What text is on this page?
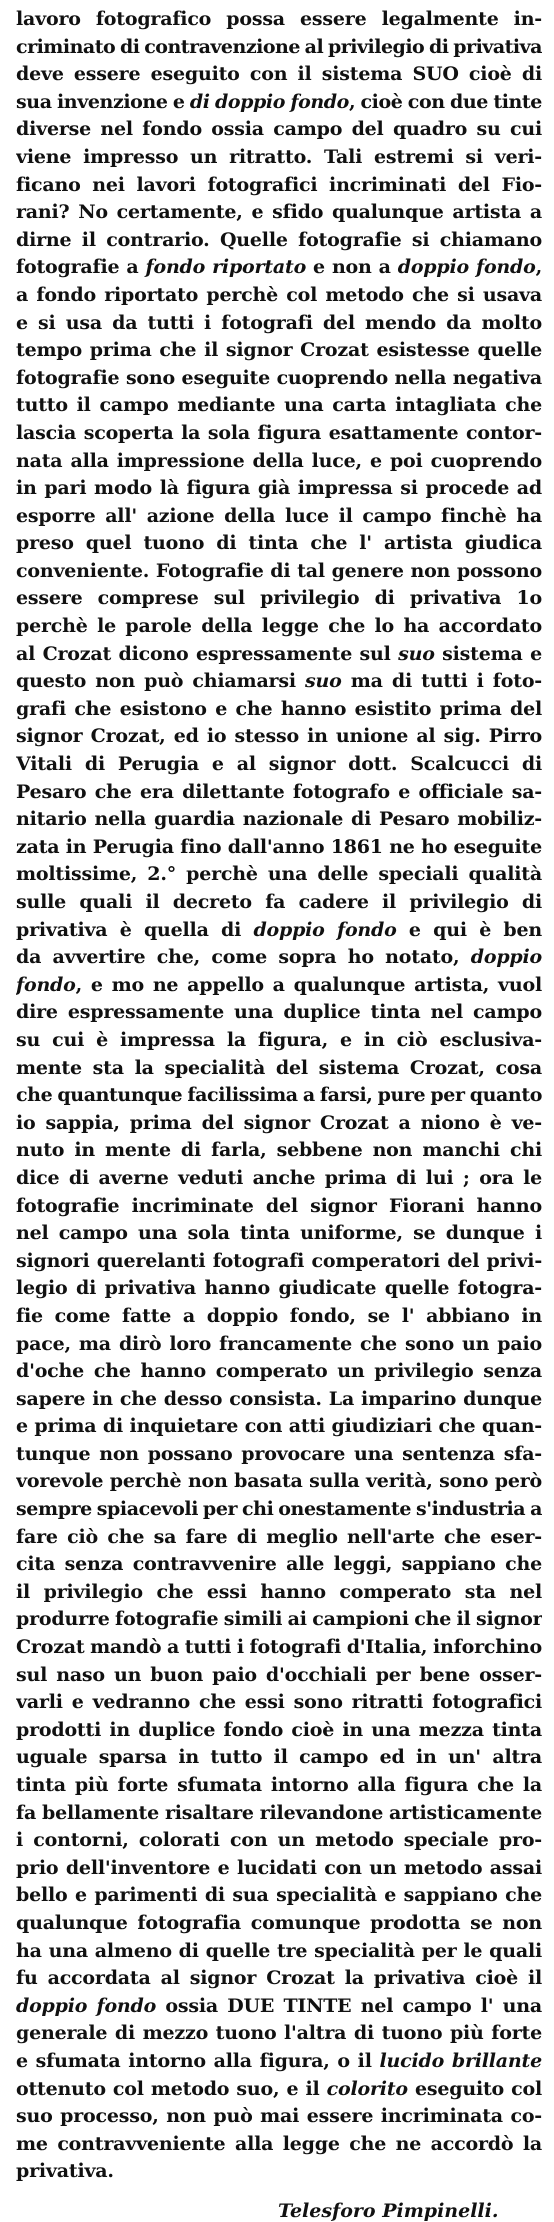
lavoro fotografico possa essere legalmente in-
criminato di contravenzione al privilegio di privativa
deve essere eseguito con il sistema SUO cioè di
sua invenzione e di doppio fondo, cioè con due tinte
diverse nel fondo ossia campo del quadro su cui
viene impresso un ritratto. Tali estremi si veri-
ficano nei lavori fotografici incriminati del Fio-
rani? No certamente, e sfido qualunque artista a
dirne il contrario. Quelle fotografie si chiamano
fotografie a fondo riportato e non a doppio fondo,
a fondo riportato perchè col metodo che si usava
e si usa da tutti i fotografi del mendo da molto
tempo prima che il signor Crozat esistesse quelle
fotografie sono eseguite cuoprendo nella negativa
tutto il campo mediante una carta intagliata che
lascia scoperta la sola figura esattamente contor-
nata alla impressione della luce, e poi cuoprendo
in pari modo là figura già impressa si procede ad
esporre all' azione della luce il campo finchè ha
preso quel tuono di tinta che l' artista giudica
conveniente. Fotografie di tal genere non possono
essere comprese sul privilegio di privativa 1o
perchè le parole della legge che lo ha accordato
al Crozat dicono espressamente sul suo sistema e
questo non può chiamarsi suo ma di tutti i foto-
grafi che esistono e che hanno esistito prima del
signor Crozat, ed io stesso in unione al sig. Pirro
Vitali di Perugia e al signor dott. Scalcucci di
Pesaro che era dilettante fotografo e officiale sa-
nitario nella guardia nazionale di Pesaro mobiliz-
zata in Perugia fino dall'anno 1861 ne ho eseguite
moltissime, 2.° perchè una delle speciali qualità
sulle quali il decreto fa cadere il privilegio di
privativa è quella di doppio fondo e qui è ben
da avvertire che, come sopra ho notato, doppio
fondo, e mo ne appello a qualunque artista, vuol
dire espressamente una duplice tinta nel campo
su cui è impressa la figura, e in ciò esclusiva-
mente sta la specialità del sistema Crozat, cosa
che quantunque facilissima a farsi, pure per quanto
io sappia, prima del signor Crozat a niono è ve-
nuto in mente di farla, sebbene non manchi chi
dice di averne veduti anche prima di lui ; ora le
fotografie incriminate del signor Fiorani hanno
nel campo una sola tinta uniforme, se dunque i
signori querelanti fotografi comperatori del privi-
legio di privativa hanno giudicate quelle fotogra-
fie come fatte a doppio fondo, se l' abbiano in
pace, ma dirò loro francamente che sono un paio
d'oche che hanno comperato un privilegio senza
sapere in che desso consista. La imparino dunque
e prima di inquietare con atti giudiziari che quan-
tunque non possano provocare una sentenza sfa-
vorevole perchè non basata sulla verità, sono però
sempre spiacevoli per chi onestamente s'industria a
fare ciò che sa fare di meglio nell'arte che eser-
cita senza contravvenire alle leggi, sappiano che
il privilegio che essi hanno comperato sta nel
produrre fotografie simili ai campioni che il signor
Crozat mandò a tutti i fotografi d'Italia, inforchino
sul naso un buon paio d'occhiali per bene osser-
varli e vedranno che essi sono ritratti fotografici
prodotti in duplice fondo cioè in una mezza tinta
uguale sparsa in tutto il campo ed in un' altra
tinta più forte sfumata intorno alla figura che la
fa bellamente risaltare rilevandone artisticamente
i contorni, colorati con un metodo speciale pro-
prio dell'inventore e lucidati con un metodo assai
bello e parimenti di sua specialità e sappiano che
qualunque fotografia comunque prodotta se non
ha una almeno di quelle tre specialità per le quali
fu accordata al signor Crozat la privativa cioè il
doppio fondo ossia DUE TINTE nel campo l' una
generale di mezzo tuono l'altra di tuono più forte
e sfumata intorno alla figura, o il lucido brillante
ottenuto col metodo suo, e il colorito eseguito col
suo processo, non può mai essere incriminata co-
me contravveniente alla legge che ne accordò la
privativa.
Telesforo Pimpinelli.
